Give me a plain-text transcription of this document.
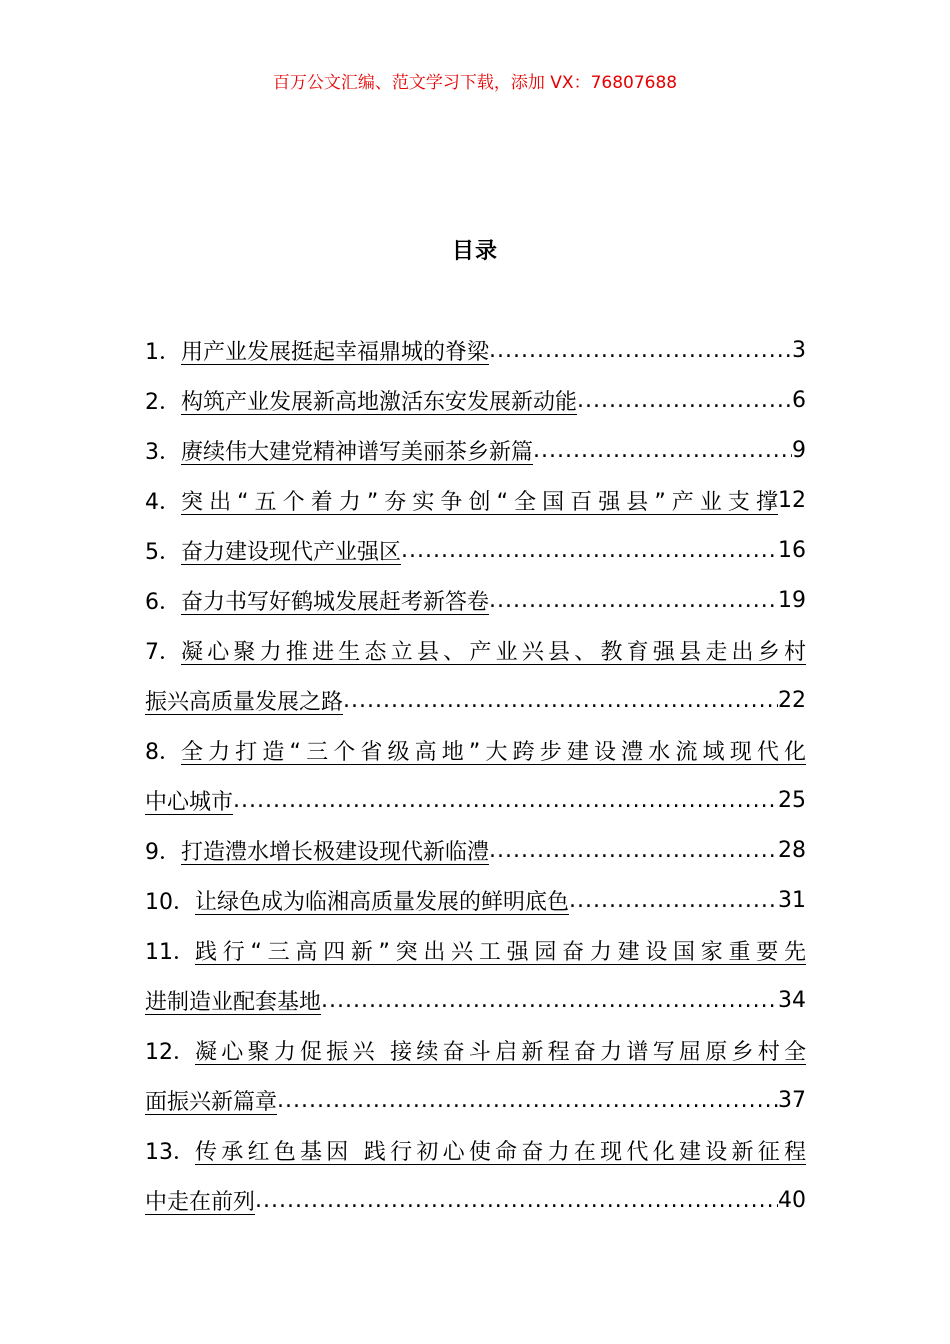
百万公文汇编、范文学习下载，添加 VX：76807688
目录
1． 用产业发展挺起幸福鼎城的脊梁 .....	3
2． 构筑产业发展新高地激活东安发展新动能 .....	6
3． 赓续伟大建党精神谱写美丽茶乡新篇 .....	9
4． 突出“五个着力”夯实争创“全国百强县”产业支撑 12
5． 奋力建设现代产业强区 .....	16
6． 奋力书写好鹤城发展赶考新答卷 .....	19
7． 凝心聚力推进生态立县、产业兴县、教育强县走出乡村
振兴高质量发展之路 .....	22
8． 全力打造“三个省级高地”大跨步建设澧水流域现代化
中心城市 .....	25
9． 打造澧水增长极建设现代新临澧 .....	28
10． 让绿色成为临湘高质量发展的鲜明底色 .....	31
11． 践行“三高四新”突出兴工强园奋力建设国家重要先
进制造业配套基地 .....	34
12． 凝心聚力促振兴 接续奋斗启新程奋力谱写屈原乡村全
面振兴新篇章 .....	37
13． 传承红色基因 践行初心使命奋力在现代化建设新征程
中走在前列 .....	40
